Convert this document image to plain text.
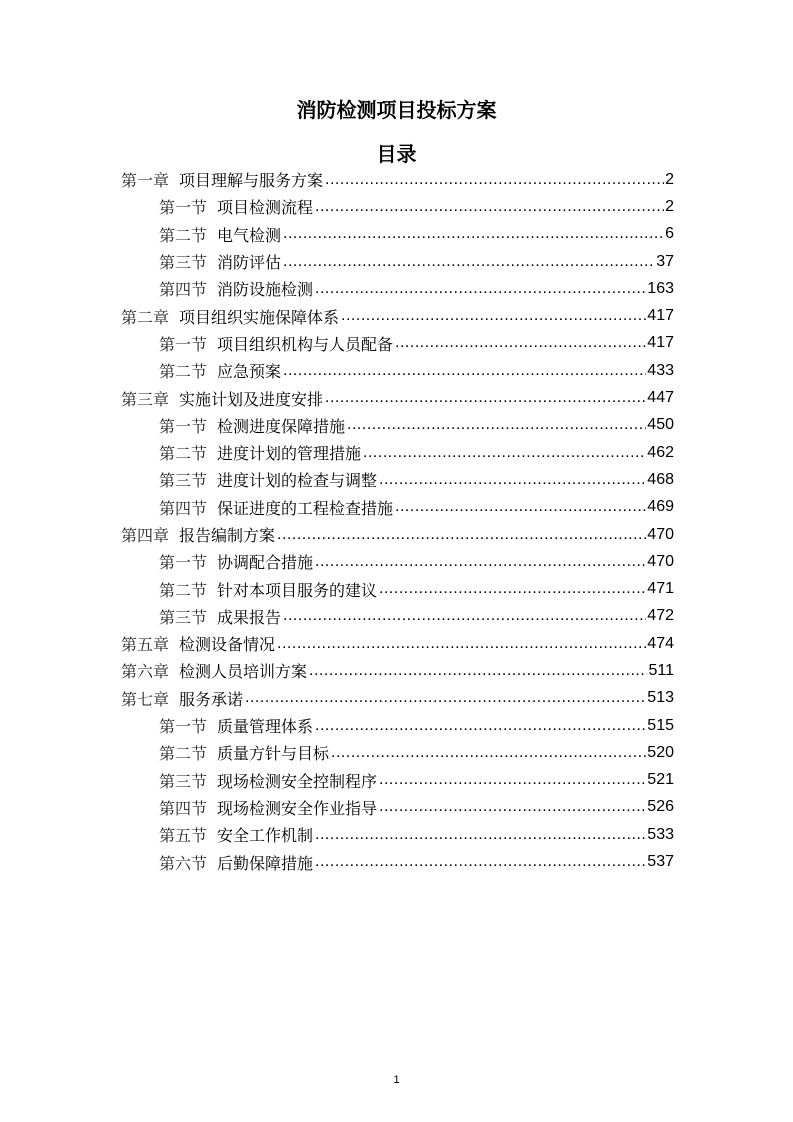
消防检测项目投标方案
目录
第一章 项目理解与服务方案 .....	2
第一节 项目检测流程 .....	2
第二节 电气检测 .....	6
第三节 消防评估 .....	37
第四节 消防设施检测 .....	163
第二章 项目组织实施保障体系 .....	417
第一节 项目组织机构与人员配备 .....	417
第二节 应急预案 .....	433
第三章 实施计划及进度安排 .....	447
第一节 检测进度保障措施 .....	450
第二节 进度计划的管理措施 .....	462
第三节 进度计划的检查与调整 .....	468
第四节 保证进度的工程检查措施 .....	469
第四章 报告编制方案 .....	470
第一节 协调配合措施 .....	470
第二节 针对本项目服务的建议 .....	471
第三节 成果报告 .....	472
第五章 检测设备情况 .....	474
第六章 检测人员培训方案 .....	511
第七章 服务承诺 .....	513
第一节 质量管理体系 .....	515
第二节 质量方针与目标 .....	520
第三节 现场检测安全控制程序 .....	521
第四节 现场检测安全作业指导 .....	526
第五节 安全工作机制 .....	533
第六节 后勤保障措施 .....	537
1
